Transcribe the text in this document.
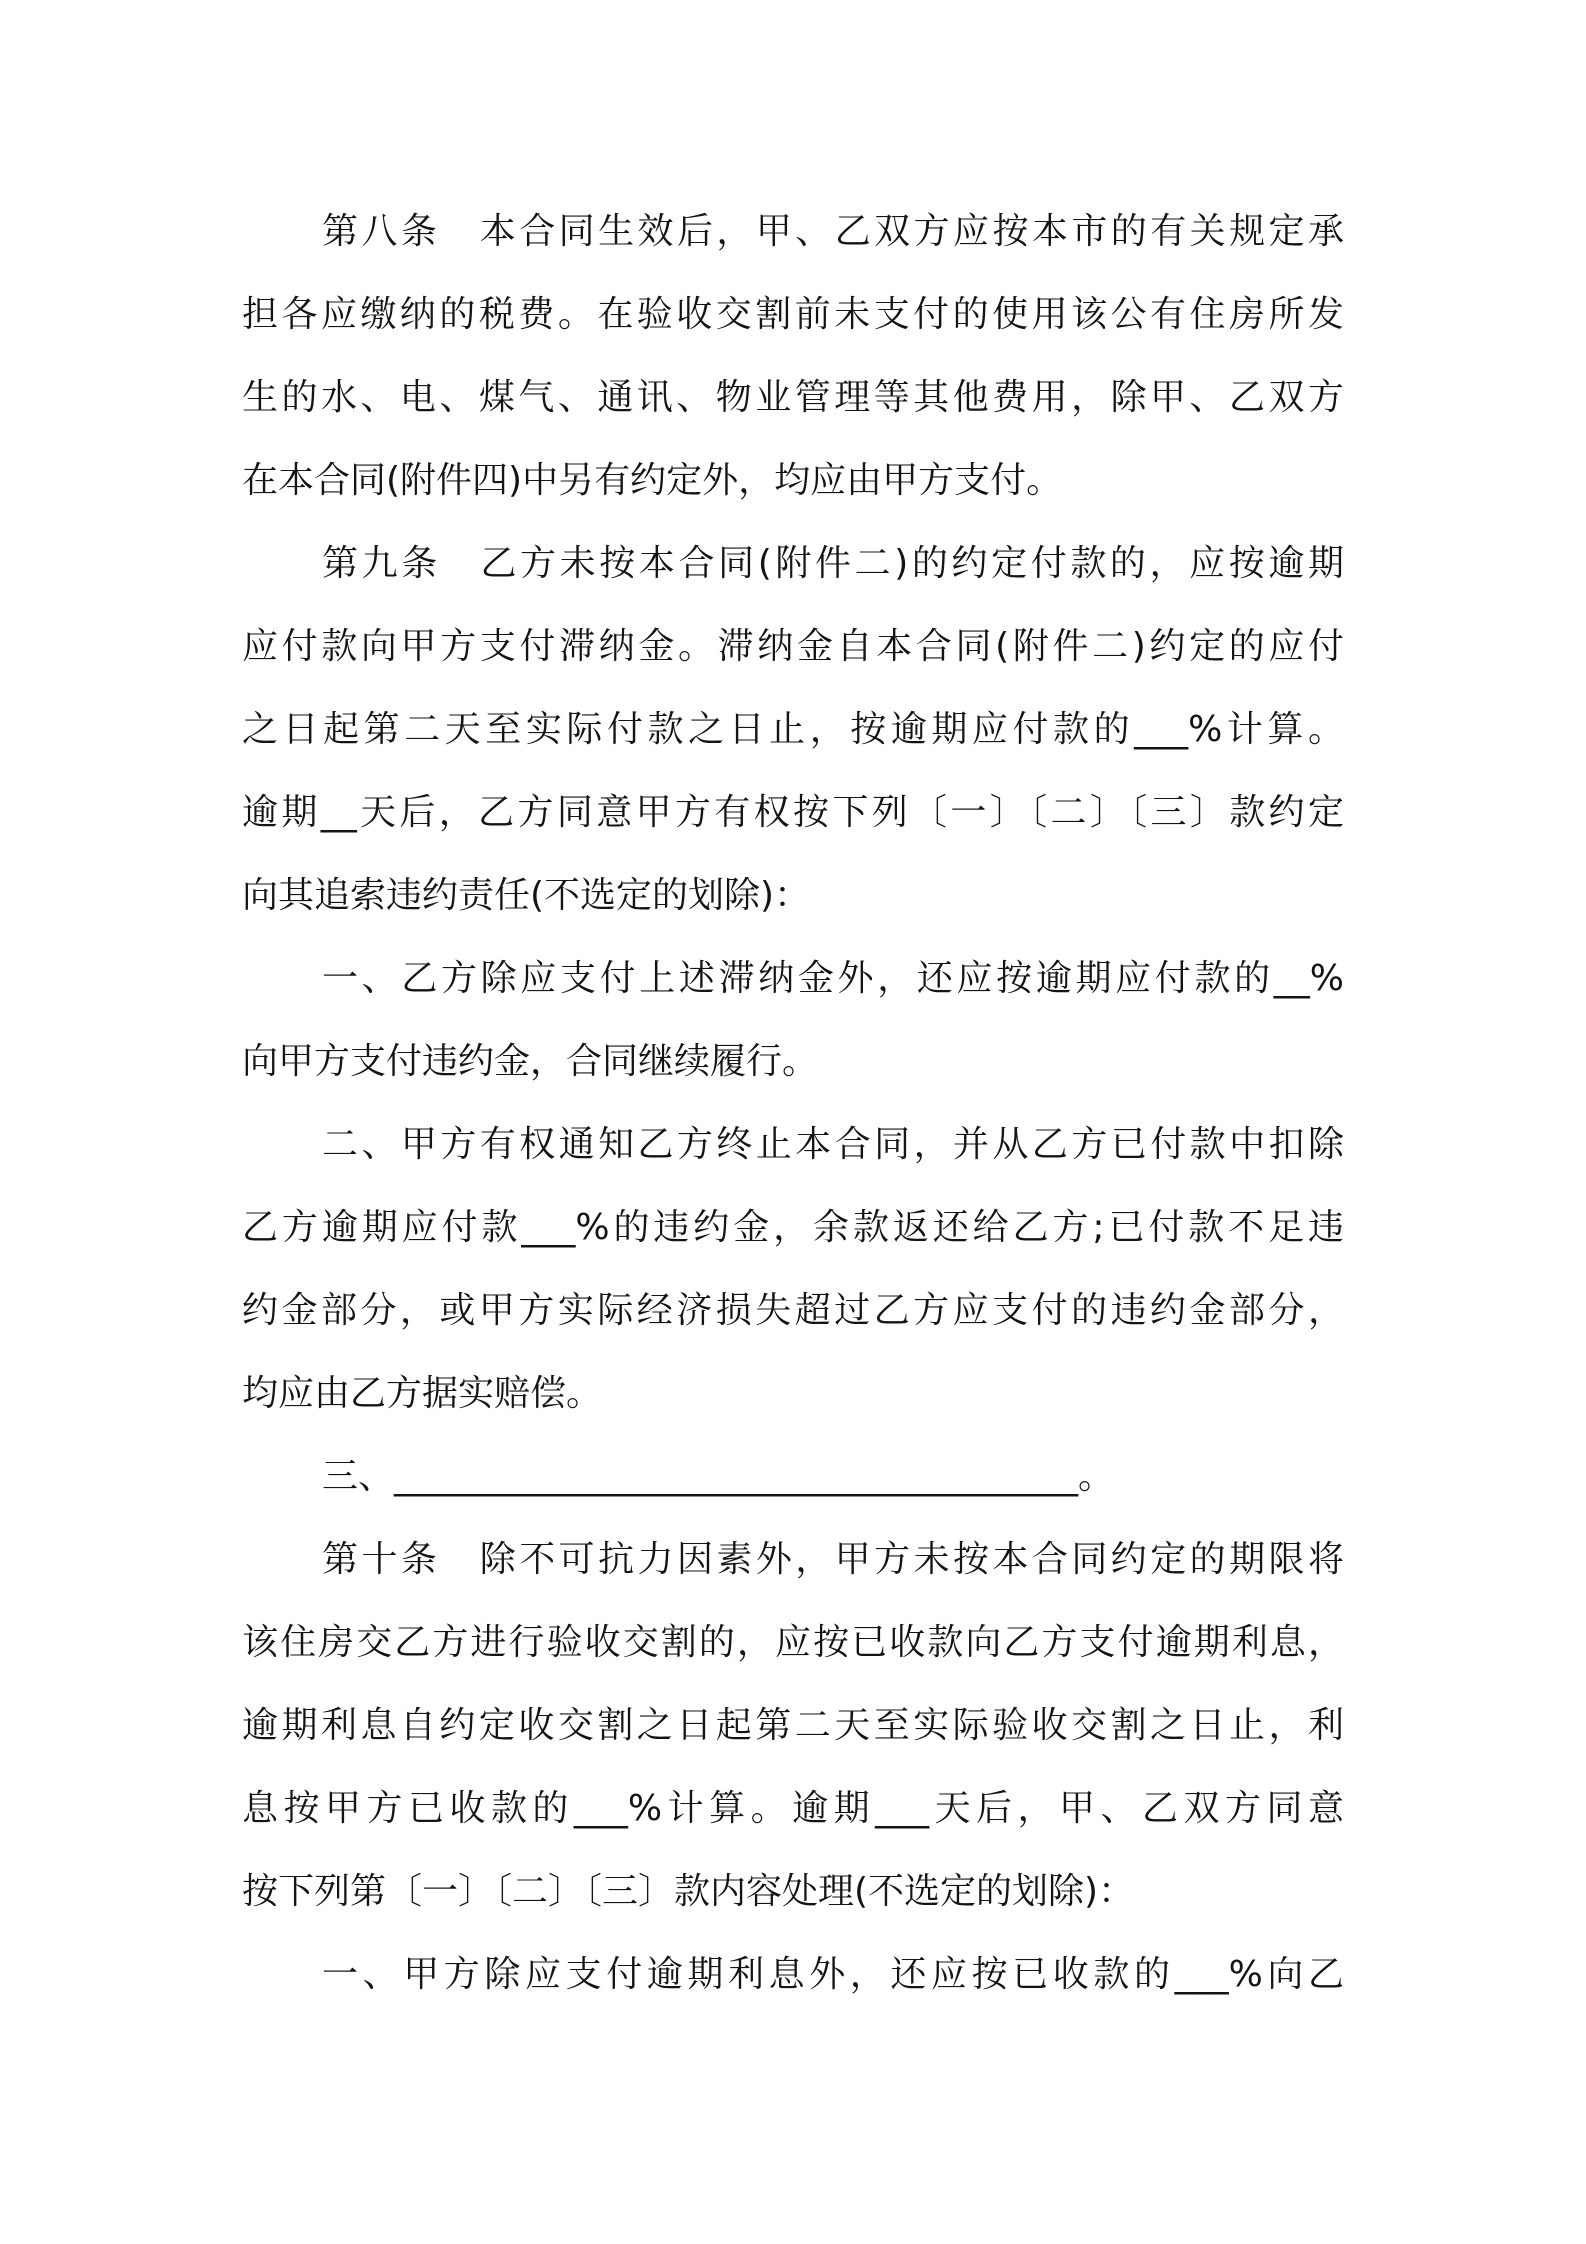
第八条　本合同生效后，甲、乙双方应按本市的有关规定承
担各应缴纳的税费。在验收交割前未支付的使用该公有住房所发
生的水、电、煤气、通讯、物业管理等其他费用，除甲、乙双方
在本合同(附件四)中另有约定外，均应由甲方支付。
第九条　乙方未按本合同(附件二)的约定付款的，应按逾期
应付款向甲方支付滞纳金。滞纳金自本合同(附件二)约定的应付
之日起第二天至实际付款之日止，按逾期应付款的___%计算。
逾期__天后，乙方同意甲方有权按下列〔一〕〔二〕〔三〕款约定
向其追索违约责任(不选定的划除)：
一、乙方除应支付上述滞纳金外，还应按逾期应付款的__%
向甲方支付违约金，合同继续履行。
二、甲方有权通知乙方终止本合同，并从乙方已付款中扣除
乙方逾期应付款___%的违约金，余款返还给乙方;已付款不足违
约金部分，或甲方实际经济损失超过乙方应支付的违约金部分，
均应由乙方据实赔偿。
三、______________________________________。
第十条　除不可抗力因素外，甲方未按本合同约定的期限将
该住房交乙方进行验收交割的，应按已收款向乙方支付逾期利息，
逾期利息自约定收交割之日起第二天至实际验收交割之日止，利
息按甲方已收款的___%计算。逾期___天后，甲、乙双方同意
按下列第〔一〕〔二〕〔三〕款内容处理(不选定的划除)：
一、甲方除应支付逾期利息外，还应按已收款的___%向乙
